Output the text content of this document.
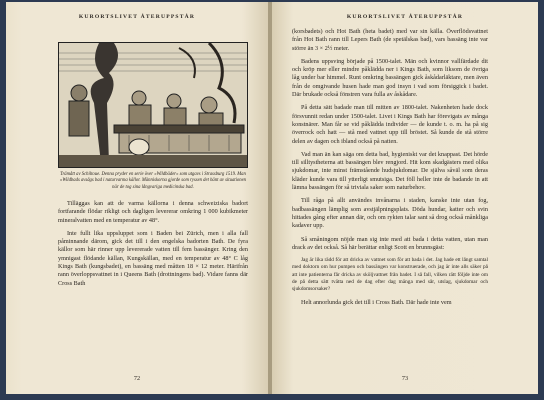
KURORTSLIVET ÅTERUPPSTÅR
Trämått av Schiltoue. Denna pryder en serie över »Wildbäder» som utgavs i Strassburg 1519. Man »Wildbads avsågs bad i naturvarma källor. Människorna gjorde som ryssen det hänt av situationen när de tog sina långvariga medicinska bad.

Tilläggas kan att de varma källorna i denna schweiziska badort fortfarande flödar rikligt och dagligen levererar omkring 1 000 kubikmeter mineralvatten med en temperatur av 48°.

Inte fullt lika uppsluppet som i Baden bei Zürich, men i alla fall påminnande därom, gick det till i den engelska badorten Bath. De fyra källor som här rinner upp levererade vatten till fem bassänger. Kring den ymnigast flödande källan, Kungskällan, med en temperatur av 48° C låg Kings Bath (kungsbadet), en bassäng med måtten 18 × 12 meter. Härifrån rann överloppsvattnet in i Queens Bath (drottningens bad). Vidare fanns där Cross Bath

72
KURORTSLIVET ÅTERUPPSTÅR

(korsbadets) och Hot Bath (heta badet) med var sin källa. Överflödsvattnet från Hot Bath rann till Lepers Bath (de spetälskas bad), vars bassäng inte var större än 3 × 2½ meter.

Badens uppsving började på 1500-talet. Män och kvinnor vallfärdade dit och kröp mer eller mindre påklädda ner i Kings Bath, som liksom de övriga låg under bar himmel. Runt omkring bassängen gick åskådarläktare, men även från de omgivande husen hade man god insyn i vad som försiggick i badet. Där brukade också fönstren vara fulla av åskådare.

På detta sätt badade man till mitten av 1800-talet. Nakenheten hade dock försvunnit redan under 1500-talet. Livet i Kings Bath har förevigats av många konstnärer. Man får se vid påklädda individer — de kunde t. o. m. ha på sig överrock och hatt — stå med vattnet upp till bröstet. Så kunde de stå större delen av dagen och ibland också på natten.

Vad man än kan säga om detta bad, hygieniskt var det knappast. Det hörde till silltystheterna att bassängen blev rengjord. Hit kom skadgästers med olika sjukdomar, inte minst främstående hudsjukdomar. De själva såväl som deras kläder kunde vara till ytterligt smutsiga. Det föll heller inte de badande in att lämna bassängen för så triviala saker som naturbehov.

Till råga på allt användes invånarna i staden, kanske inte utan fog, badbassängen lämplig som avstjälpningsplats. Döda hundar, katter och svin hittades gång efter annan där, och om rykten talar sant så drog också månkliga kadaver upp.

Så småningom nöjde man sig inte med att bada i detta vatten, utan man drack av det också. Så här berättar enligt Scott en brunnsgäst:

Jag är lika rädd för att dricka av vattnet som för att bada i det. Jag hade ett långt samtal med doktorn om hur pumpen och bassängen var konstruerade, och jag är inte alls säker på att inte patienterna får dricka av sköljvattnet från badet. I så fall, vilken rätt följde inte om de på detta sätt tvätta ned de dag efter dag mänga med sår, utslag, sjukdomar och sjukdomsorsaker?

Helt annorlunda gick det till i Cross Bath. Där hade inte vem

73
